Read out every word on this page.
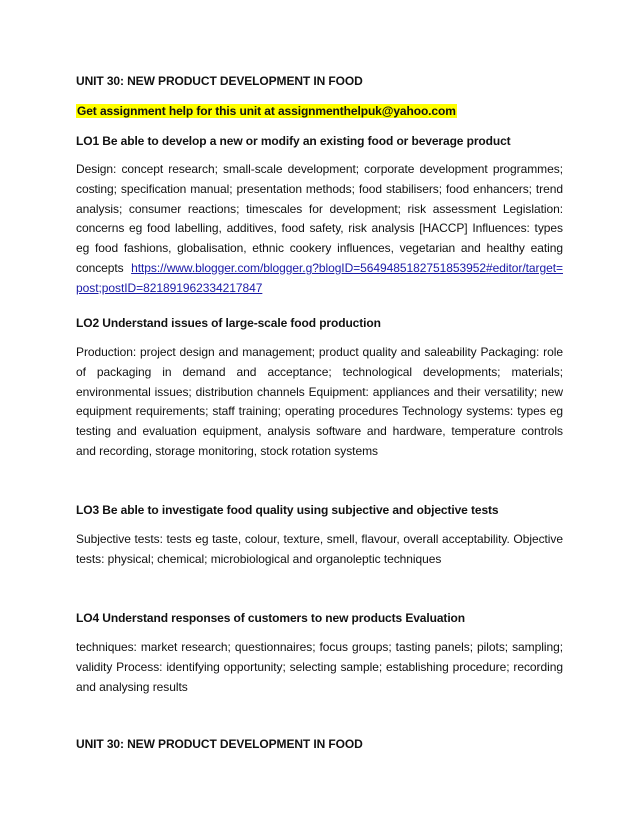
UNIT 30: NEW PRODUCT DEVELOPMENT IN FOOD
Get assignment help for this unit at assignmenthelpuk@yahoo.com
LO1 Be able to develop a new or modify an existing food or beverage product
Design: concept research; small-scale development; corporate development programmes; costing; specification manual; presentation methods; food stabilisers; food enhancers; trend analysis; consumer reactions; timescales for development; risk assessment Legislation: concerns eg food labelling, additives, food safety, risk analysis [HACCP] Influences: types eg food fashions, globalisation, ethnic cookery influences, vegetarian and healthy eating concepts https://www.blogger.com/blogger.g?blogID=5649485182751853952#editor/target=post;postID=821891962334217847
LO2 Understand issues of large-scale food production
Production: project design and management; product quality and saleability Packaging: role of packaging in demand and acceptance; technological developments; materials; environmental issues; distribution channels Equipment: appliances and their versatility; new equipment requirements; staff training; operating procedures Technology systems: types eg testing and evaluation equipment, analysis software and hardware, temperature controls and recording, storage monitoring, stock rotation systems
LO3 Be able to investigate food quality using subjective and objective tests
Subjective tests: tests eg taste, colour, texture, smell, flavour, overall acceptability. Objective tests: physical; chemical; microbiological and organoleptic techniques
LO4 Understand responses of customers to new products Evaluation
techniques: market research; questionnaires; focus groups; tasting panels; pilots; sampling; validity Process: identifying opportunity; selecting sample; establishing procedure; recording and analysing results
UNIT 30: NEW PRODUCT DEVELOPMENT IN FOOD
